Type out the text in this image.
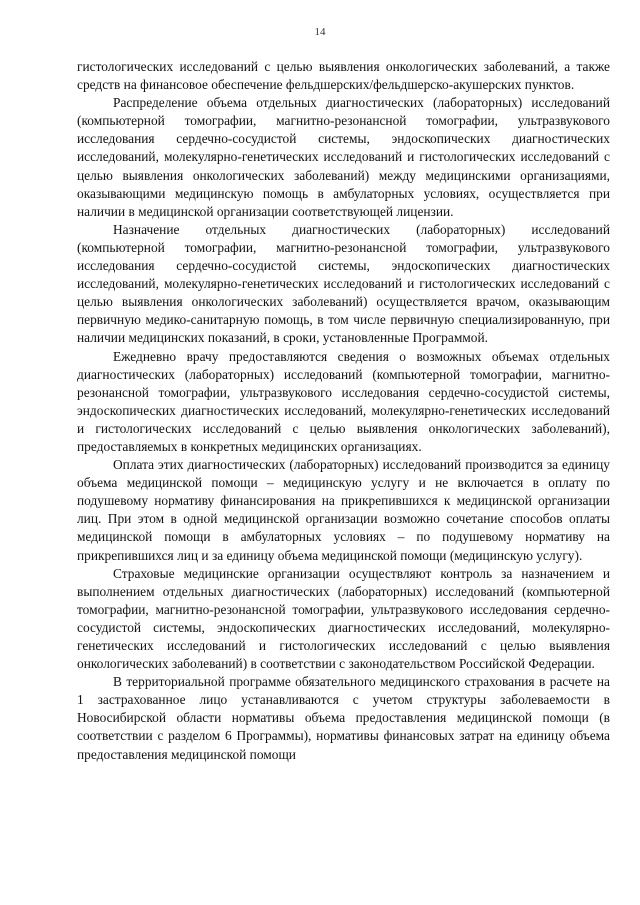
14

гистологических исследований с целью выявления онкологических заболеваний, а также средств на финансовое обеспечение фельдшерских/фельдшерско-акушерских пунктов.

Распределение объема отдельных диагностических (лабораторных) исследований (компьютерной томографии, магнитно-резонансной томографии, ультразвукового исследования сердечно-сосудистой системы, эндоскопических диагностических исследований, молекулярно-генетических исследований и гистологических исследований с целью выявления онкологических заболеваний) между медицинскими организациями, оказывающими медицинскую помощь в амбулаторных условиях, осуществляется при наличии в медицинской организации соответствующей лицензии.

Назначение отдельных диагностических (лабораторных) исследований (компьютерной томографии, магнитно-резонансной томографии, ультразвукового исследования сердечно-сосудистой системы, эндоскопических диагностических исследований, молекулярно-генетических исследований и гистологических исследований с целью выявления онкологических заболеваний) осуществляется врачом, оказывающим первичную медико-санитарную помощь, в том числе первичную специализированную, при наличии медицинских показаний, в сроки, установленные Программой.

Ежедневно врачу предоставляются сведения о возможных объемах отдельных диагностических (лабораторных) исследований (компьютерной томографии, магнитно-резонансной томографии, ультразвукового исследования сердечно-сосудистой системы, эндоскопических диагностических исследований, молекулярно-генетических исследований и гистологических исследований с целью выявления онкологических заболеваний), предоставляемых в конкретных медицинских организациях.

Оплата этих диагностических (лабораторных) исследований производится за единицу объема медицинской помощи – медицинскую услугу и не включается в оплату по подушевому нормативу финансирования на прикрепившихся к медицинской организации лиц. При этом в одной медицинской организации возможно сочетание способов оплаты медицинской помощи в амбулаторных условиях – по подушевому нормативу на прикрепившихся лиц и за единицу объема медицинской помощи (медицинскую услугу).

Страховые медицинские организации осуществляют контроль за назначением и выполнением отдельных диагностических (лабораторных) исследований (компьютерной томографии, магнитно-резонансной томографии, ультразвукового исследования сердечно-сосудистой системы, эндоскопических диагностических исследований, молекулярно-генетических исследований и гистологических исследований с целью выявления онкологических заболеваний) в соответствии с законодательством Российской Федерации.

В территориальной программе обязательного медицинского страхования в расчете на 1 застрахованное лицо устанавливаются с учетом структуры заболеваемости в Новосибирской области нормативы объема предоставления медицинской помощи (в соответствии с разделом 6 Программы), нормативы финансовых затрат на единицу объема предоставления медицинской помощи
